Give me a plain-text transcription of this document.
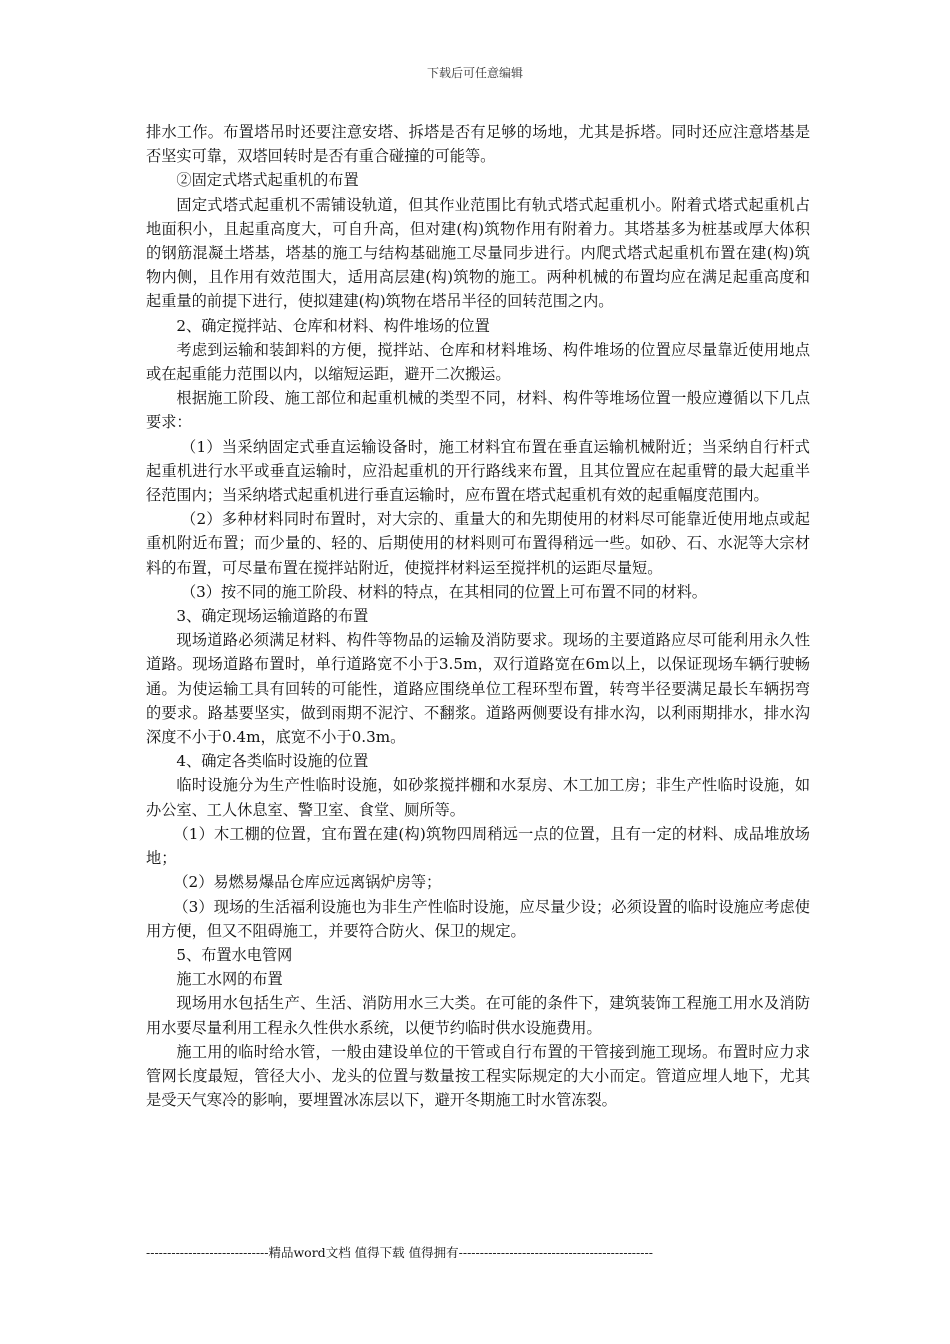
下载后可任意编辑

排水工作。布置塔吊时还要注意安塔、拆塔是否有足够的场地，尤其是拆塔。同时还应注意塔基是否坚实可靠，双塔回转时是否有重合碰撞的可能等。

②固定式塔式起重机的布置

固定式塔式起重机不需铺设轨道，但其作业范围比有轨式塔式起重机小。附着式塔式起重机占地面积小，且起重高度大，可自升高，但对建(构)筑物作用有附着力。其塔基多为桩基或厚大体积的钢筋混凝土塔基，塔基的施工与结构基础施工尽量同步进行。内爬式塔式起重机布置在建(构)筑物内侧，且作用有效范围大，适用高层建(构)筑物的施工。两种机械的布置均应在满足起重高度和起重量的前提下进行，使拟建建(构)筑物在塔吊半径的回转范围之内。

2、确定搅拌站、仓库和材料、构件堆场的位置

考虑到运输和装卸料的方便，搅拌站、仓库和材料堆场、构件堆场的位置应尽量靠近使用地点或在起重能力范围以内，以缩短运距，避开二次搬运。

根据施工阶段、施工部位和起重机械的类型不同，材料、构件等堆场位置一般应遵循以下几点要求：

（1）当采纳固定式垂直运输设备时，施工材料宜布置在垂直运输机械附近；当采纳自行杆式起重机进行水平或垂直运输时，应沿起重机的开行路线来布置，且其位置应在起重臂的最大起重半径范围内；当采纳塔式起重机进行垂直运输时，应布置在塔式起重机有效的起重幅度范围内。

（2）多种材料同时布置时，对大宗的、重量大的和先期使用的材料尽可能靠近使用地点或起重机附近布置；而少量的、轻的、后期使用的材料则可布置得稍远一些。如砂、石、水泥等大宗材料的布置，可尽量布置在搅拌站附近，使搅拌材料运至搅拌机的运距尽量短。

（3）按不同的施工阶段、材料的特点，在其相同的位置上可布置不同的材料。

3、确定现场运输道路的布置

现场道路必须满足材料、构件等物品的运输及消防要求。现场的主要道路应尽可能利用永久性道路。现场道路布置时，单行道路宽不小于3.5m，双行道路宽在6m以上，以保证现场车辆行驶畅通。为使运输工具有回转的可能性，道路应围绕单位工程环型布置，转弯半径要满足最长车辆拐弯的要求。路基要坚实，做到雨期不泥泞、不翻浆。道路两侧要设有排水沟，以利雨期排水，排水沟深度不小于0.4m，底宽不小于0.3m。

4、确定各类临时设施的位置

临时设施分为生产性临时设施，如砂浆搅拌棚和水泵房、木工加工房；非生产性临时设施，如办公室、工人休息室、警卫室、食堂、厕所等。

（1）木工棚的位置，宜布置在建(构)筑物四周稍远一点的位置，且有一定的材料、成品堆放场地；

（2）易燃易爆品仓库应远离锅炉房等；

（3）现场的生活福利设施也为非生产性临时设施，应尽量少设；必须设置的临时设施应考虑使用方便，但又不阻碍施工，并要符合防火、保卫的规定。

5、布置水电管网

施工水网的布置

现场用水包括生产、生活、消防用水三大类。在可能的条件下，建筑装饰工程施工用水及消防用水要尽量利用工程永久性供水系统，以便节约临时供水设施费用。

施工用的临时给水管，一般由建设单位的干管或自行布置的干管接到施工现场。布置时应力求管网长度最短，管径大小、龙头的位置与数量按工程实际规定的大小而定。管道应埋人地下，尤其是受天气寒冷的影响，要埋置冰冻层以下，避开冬期施工时水管冻裂。

-----------------------------精品word文档 值得下载 值得拥有----------------------------------------------
